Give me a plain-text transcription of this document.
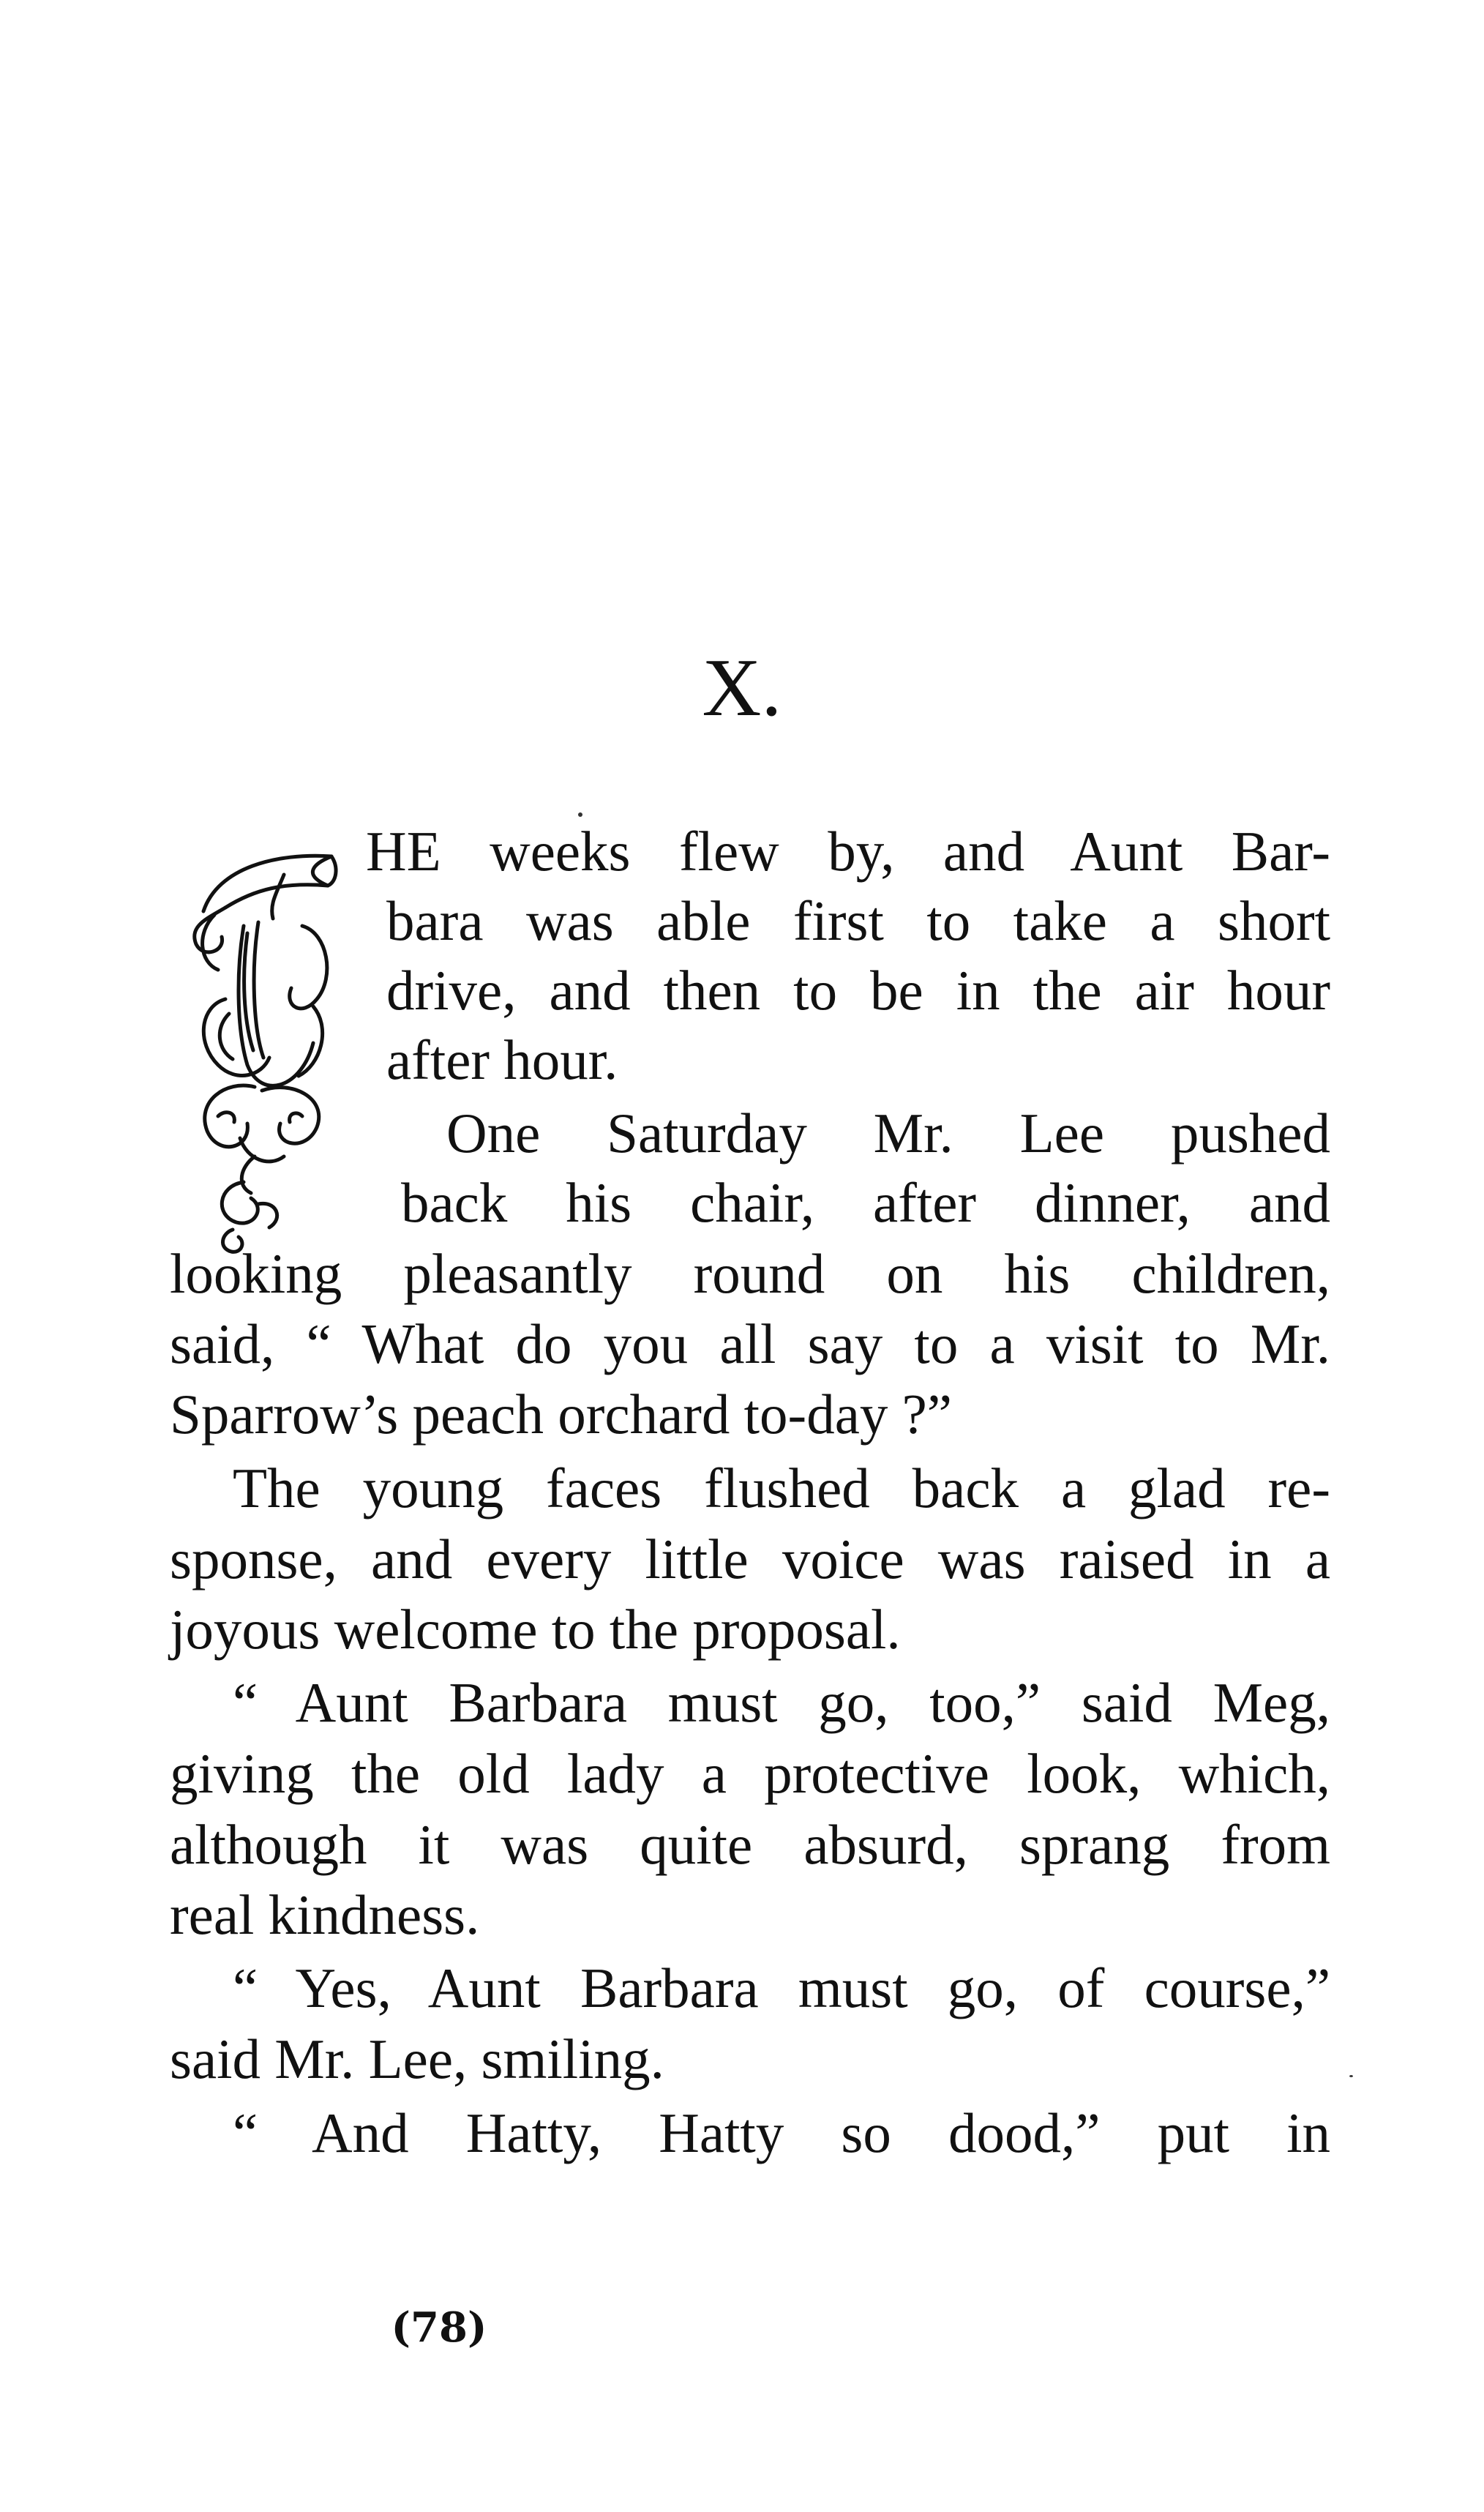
X.
HE weeks flew by, and Aunt Bar-
bara was able first to take a short
drive, and then to be in the air hour
after hour.
One Saturday Mr. Lee pushed
back his chair, after dinner, and
looking pleasantly round on his children,
said, “ What do you all say to a visit to Mr.
Sparrow’s peach orchard to-day ?”
The young faces flushed back a glad re-
sponse, and every little voice was raised in a
joyous welcome to the proposal.
“ Aunt Barbara must go, too,” said Meg,
giving the old lady a protective look, which,
although it was quite absurd, sprang from
real kindness.
“ Yes, Aunt Barbara must go, of course,”
said Mr. Lee, smiling.
“ And Hatty, Hatty so dood,” put in
(78)
